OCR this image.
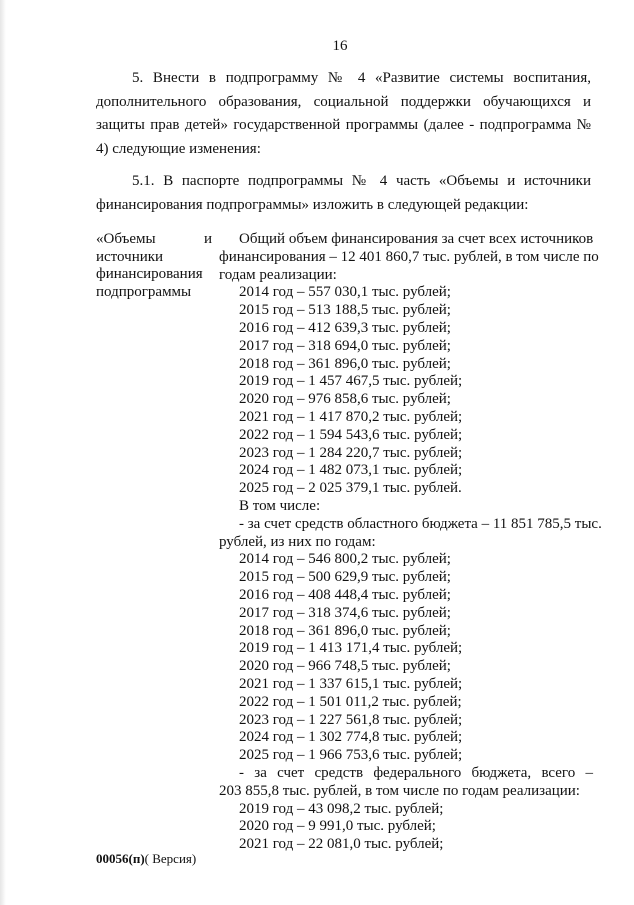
16

5. Внести в подпрограмму № 4 «Развитие системы воспитания, дополнительного образования, социальной поддержки обучающихся и защиты прав детей» государственной программы (далее - подпрограмма № 4) следующие изменения:

5.1. В паспорте подпрограммы № 4 часть «Объемы и источники финансирования подпрограммы» изложить в следующей редакции:

«Объемы	и
источники
финансирования
подпрограммы
Общий объем финансирования за счет всех источников
финансирования – 12 401 860,7 тыс. рублей, в том числе по
годам реализации:
2014 год – 557 030,1 тыс. рублей;
2015 год – 513 188,5 тыс. рублей;
2016 год – 412 639,3 тыс. рублей;
2017 год – 318 694,0 тыс. рублей;
2018 год – 361 896,0 тыс. рублей;
2019 год – 1 457 467,5 тыс. рублей;
2020 год – 976 858,6 тыс. рублей;
2021 год – 1 417 870,2 тыс. рублей;
2022 год – 1 594 543,6 тыс. рублей;
2023 год – 1 284 220,7 тыс. рублей;
2024 год – 1 482 073,1 тыс. рублей;
2025 год – 2 025 379,1 тыс. рублей.
В том числе:
- за счет средств областного бюджета – 11 851 785,5 тыс.
рублей, из них по годам:
2014 год – 546 800,2 тыс. рублей;
2015 год – 500 629,9 тыс. рублей;
2016 год – 408 448,4 тыс. рублей;
2017 год – 318 374,6 тыс. рублей;
2018 год – 361 896,0 тыс. рублей;
2019 год – 1 413 171,4 тыс. рублей;
2020 год – 966 748,5 тыс. рублей;
2021 год – 1 337 615,1 тыс. рублей;
2022 год – 1 501 011,2 тыс. рублей;
2023 год – 1 227 561,8 тыс. рублей;
2024 год – 1 302 774,8 тыс. рублей;
2025 год – 1 966 753,6 тыс. рублей;
- за счет средств федерального бюджета, всего –
203 855,8 тыс. рублей, в том числе по годам реализации:
2019 год – 43 098,2 тыс. рублей;
2020 год – 9 991,0 тыс. рублей;
2021 год – 22 081,0 тыс. рублей;
00056(п)( Версия)
